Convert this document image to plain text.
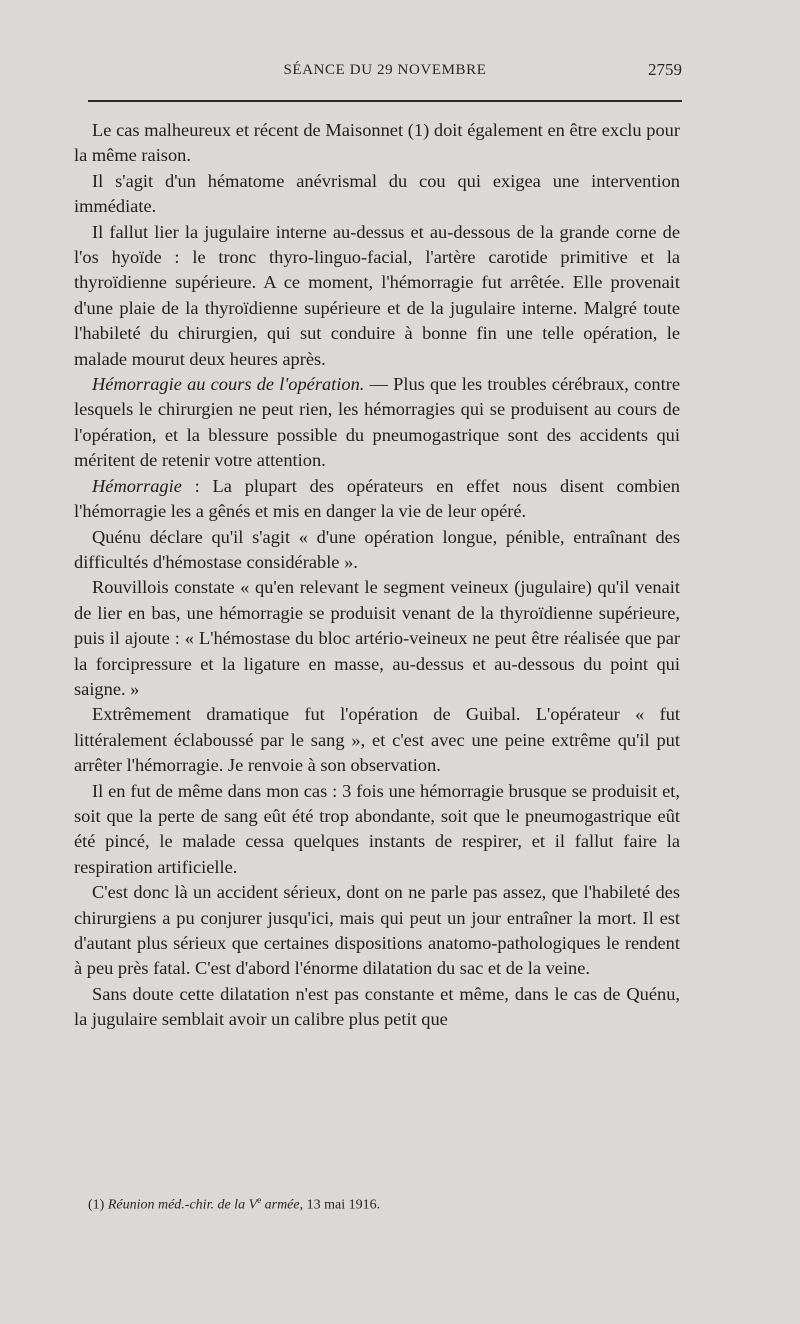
SÉANCE DU 29 NOVEMBRE	2759

Le cas malheureux et récent de Maisonnet (1) doit également en être exclu pour la même raison.

Il s'agit d'un hématome anévrismal du cou qui exigea une intervention immédiate.

Il fallut lier la jugulaire interne au-dessus et au-dessous de la grande corne de l'os hyoïde : le tronc thyro-linguo-facial, l'artère carotide primitive et la thyroïdienne supérieure. A ce moment, l'hémorragie fut arrêtée. Elle provenait d'une plaie de la thyroïdienne supérieure et de la jugulaire interne. Malgré toute l'habileté du chirurgien, qui sut conduire à bonne fin une telle opération, le malade mourut deux heures après.

Hémorragie au cours de l'opération. — Plus que les troubles cérébraux, contre lesquels le chirurgien ne peut rien, les hémorragies qui se produisent au cours de l'opération, et la blessure possible du pneumogastrique sont des accidents qui méritent de retenir votre attention.

Hémorragie : La plupart des opérateurs en effet nous disent combien l'hémorragie les a gênés et mis en danger la vie de leur opéré.

Quénu déclare qu'il s'agit « d'une opération longue, pénible, entraînant des difficultés d'hémostase considérable ».

Rouvillois constate « qu'en relevant le segment veineux (jugulaire) qu'il venait de lier en bas, une hémorragie se produisit venant de la thyroïdienne supérieure, puis il ajoute : « L'hémostase du bloc artério-veineux ne peut être réalisée que par la forcipressure et la ligature en masse, au-dessus et au-dessous du point qui saigne. »

Extrêmement dramatique fut l'opération de Guibal. L'opérateur « fut littéralement éclaboussé par le sang », et c'est avec une peine extrême qu'il put arrêter l'hémorragie. Je renvoie à son observation.

Il en fut de même dans mon cas : 3 fois une hémorragie brusque se produisit et, soit que la perte de sang eût été trop abondante, soit que le pneumogastrique eût été pincé, le malade cessa quelques instants de respirer, et il fallut faire la respiration artificielle.

C'est donc là un accident sérieux, dont on ne parle pas assez, que l'habileté des chirurgiens a pu conjurer jusqu'ici, mais qui peut un jour entraîner la mort. Il est d'autant plus sérieux que certaines dispositions anatomo-pathologiques le rendent à peu près fatal. C'est d'abord l'énorme dilatation du sac et de la veine.

Sans doute cette dilatation n'est pas constante et même, dans le cas de Quénu, la jugulaire semblait avoir un calibre plus petit que

(1) Réunion méd.-chir. de la Ve armée, 13 mai 1916.
